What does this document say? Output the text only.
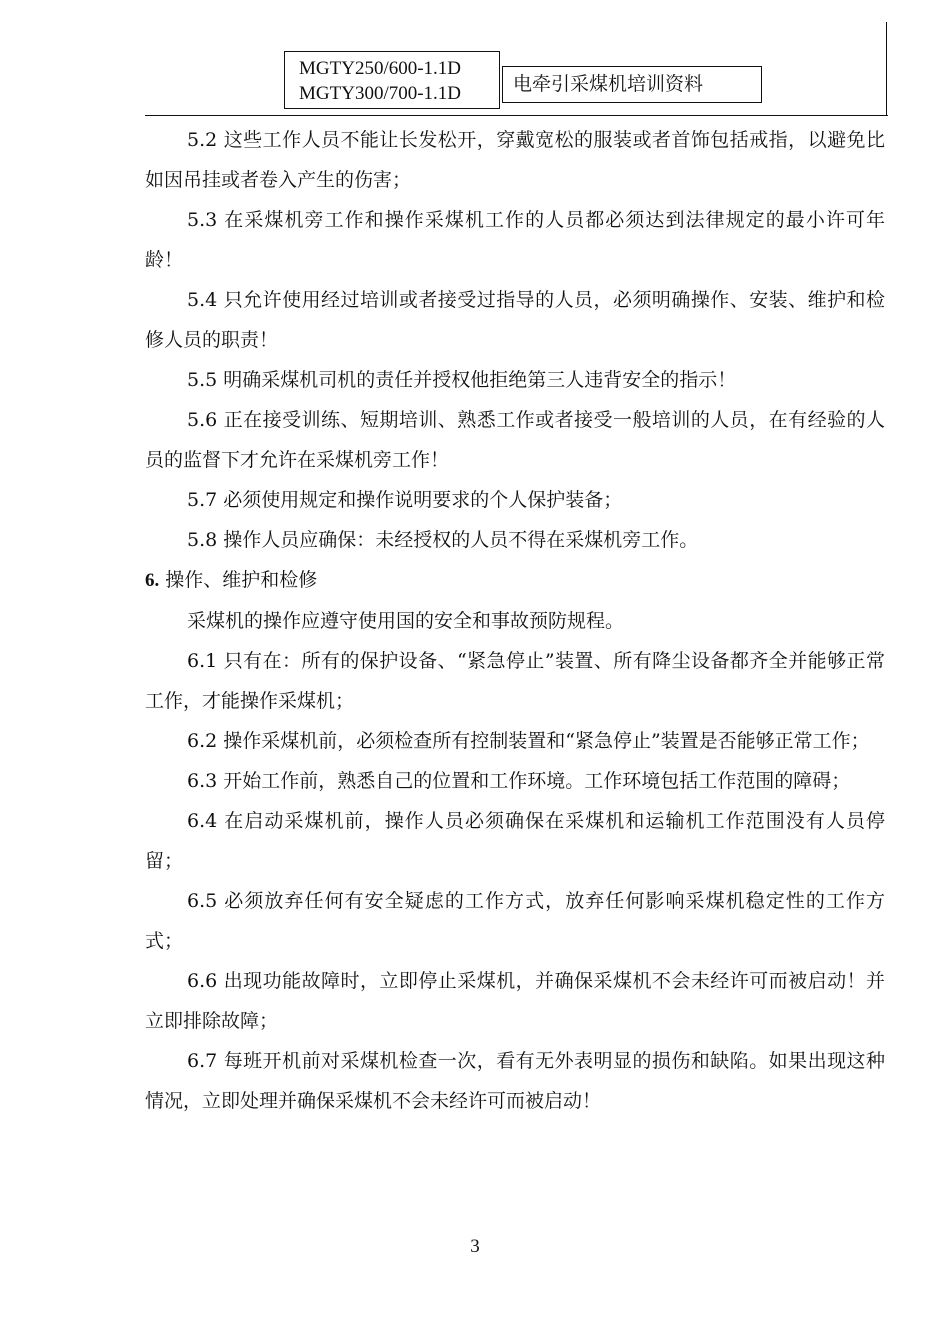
MGTY250/600-1.1D
MGTY300/700-1.1D	电牵引采煤机培训资料

5.2 这些工作人员不能让长发松开，穿戴宽松的服装或者首饰包括戒指，以避免比如因吊挂或者卷入产生的伤害；

5.3 在采煤机旁工作和操作采煤机工作的人员都必须达到法律规定的最小许可年龄！

5.4 只允许使用经过培训或者接受过指导的人员，必须明确操作、安装、维护和检修人员的职责！

5.5 明确采煤机司机的责任并授权他拒绝第三人违背安全的指示！

5.6 正在接受训练、短期培训、熟悉工作或者接受一般培训的人员，在有经验的人员的监督下才允许在采煤机旁工作！

5.7 必须使用规定和操作说明要求的个人保护装备；

5.8 操作人员应确保：未经授权的人员不得在采煤机旁工作。

6. 操作、维护和检修

采煤机的操作应遵守使用国的安全和事故预防规程。

6.1 只有在：所有的保护设备、“紧急停止”装置、所有降尘设备都齐全并能够正常工作，才能操作采煤机；

6.2 操作采煤机前，必须检查所有控制装置和“紧急停止”装置是否能够正常工作；

6.3 开始工作前，熟悉自己的位置和工作环境。工作环境包括工作范围的障碍；

6.4 在启动采煤机前，操作人员必须确保在采煤机和运输机工作范围没有人员停留；

6.5 必须放弃任何有安全疑虑的工作方式，放弃任何影响采煤机稳定性的工作方式；

6.6 出现功能故障时，立即停止采煤机，并确保采煤机不会未经许可而被启动！并立即排除故障；

6.7 每班开机前对采煤机检查一次，看有无外表明显的损伤和缺陷。如果出现这种情况，立即处理并确保采煤机不会未经许可而被启动！

3
